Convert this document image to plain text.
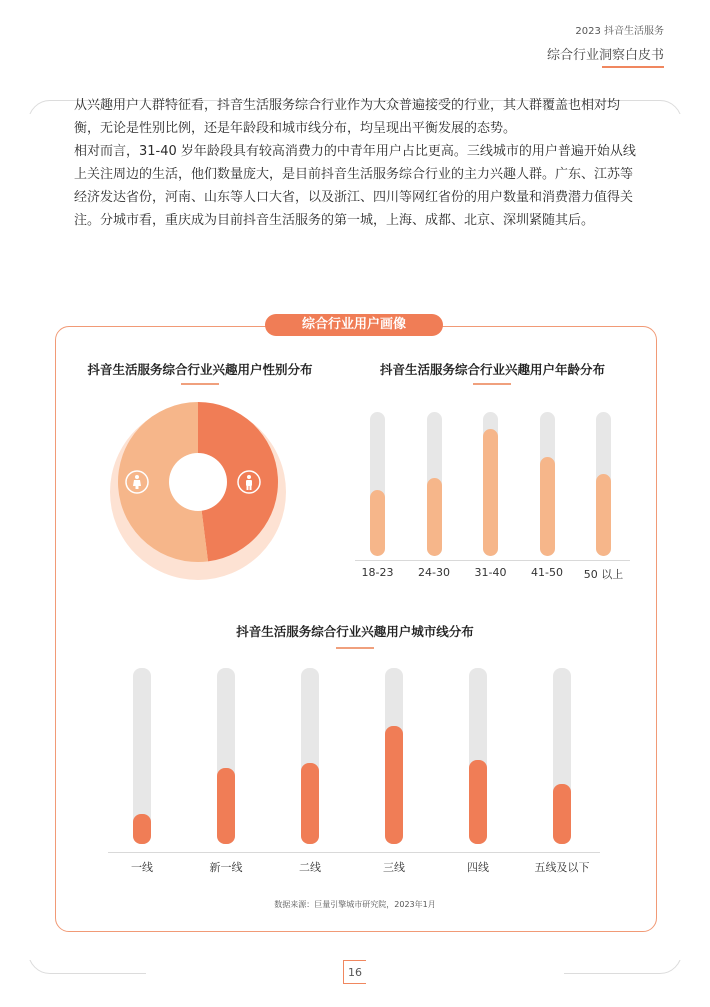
2023 抖音生活服务
综合行业洞察白皮书

从兴趣用户人群特征看，抖音生活服务综合行业作为大众普遍接受的行业，其人群覆盖也相对均衡，无论是性别比例，还是年龄段和城市线分布，均呈现出平衡发展的态势。

相对而言，31-40 岁年龄段具有较高消费力的中青年用户占比更高。三线城市的用户普遍开始从线上关注周边的生活，他们数量庞大，是目前抖音生活服务综合行业的主力兴趣人群。广东、江苏等经济发达省份，河南、山东等人口大省，以及浙江、四川等网红省份的用户数量和消费潜力值得关注。分城市看，重庆成为目前抖音生活服务的第一城，上海、成都、北京、深圳紧随其后。

综合行业用户画像
抖音生活服务综合行业兴趣用户性别分布	抖音生活服务综合行业兴趣用户年龄分布
18-23	24-30	31-40	41-50	50 以上
抖音生活服务综合行业兴趣用户城市线分布
一线	新一线	二线	三线	四线	五线及以下
数据来源：巨量引擎城市研究院，2023年1月
16
